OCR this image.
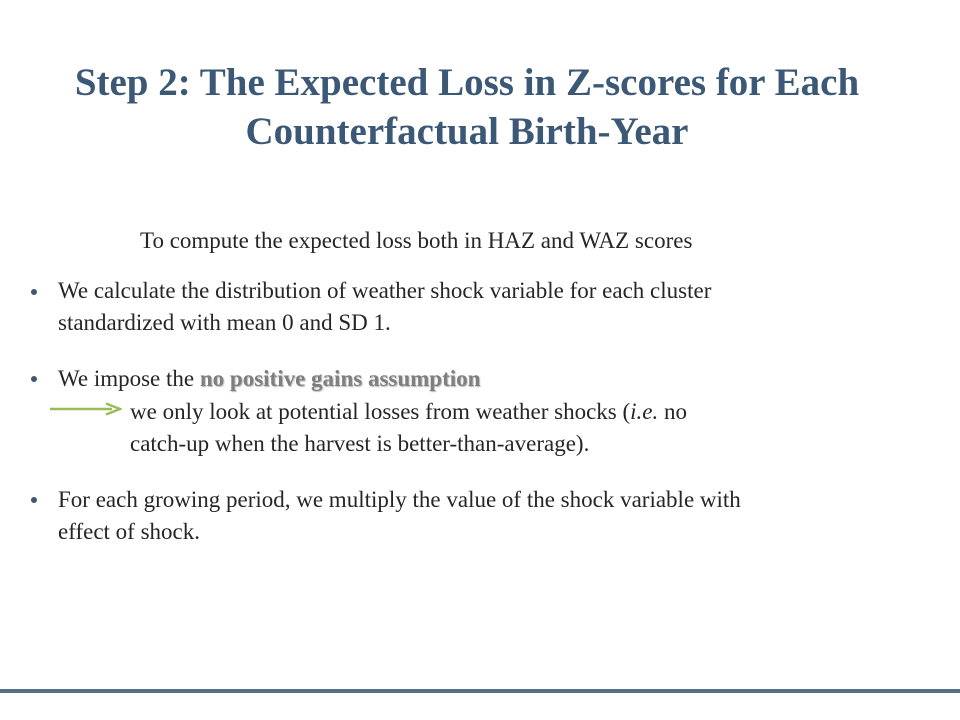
Step 2: The Expected Loss in Z-scores for Each
Counterfactual Birth-Year
To compute the expected loss both in HAZ and WAZ scores
We calculate the distribution of weather shock variable for each cluster
standardized with mean 0 and SD 1.
We impose the no positive gains assumption
we only look at potential losses from weather shocks (i.e. no
catch-up when the harvest is better-than-average).
For each growing period, we multiply the value of the shock variable with
effect of shock.
